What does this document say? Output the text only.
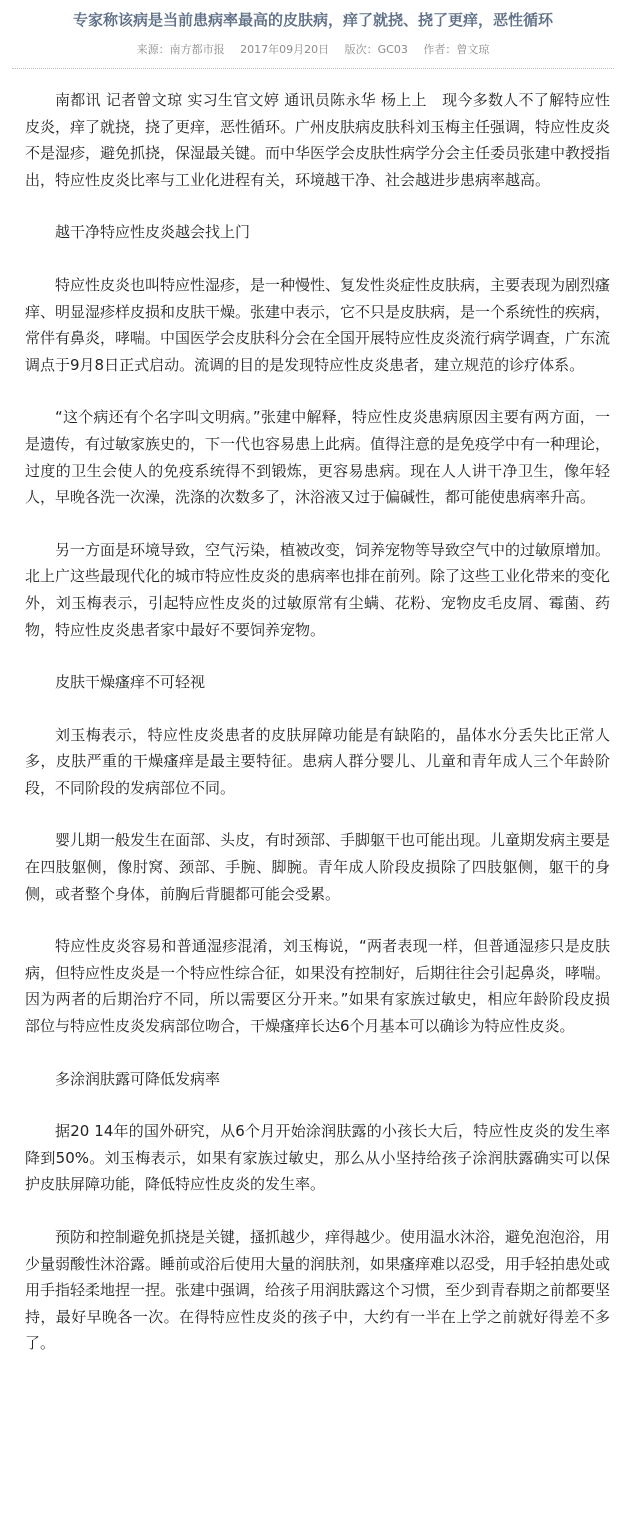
专家称该病是当前患病率最高的皮肤病，痒了就挠、挠了更痒，恶性循环
来源：南方都市报 2017年09月20日 版次：GC03 作者：曾文琼

南都讯 记者曾文琼 实习生官文婷 通讯员陈永华 杨上上　现今多数人不了解特应性皮炎，痒了就挠，挠了更痒，恶性循环。广州皮肤病皮肤科刘玉梅主任强调，特应性皮炎不是湿疹，避免抓挠，保湿最关键。而中华医学会皮肤性病学分会主任委员张建中教授指出，特应性皮炎比率与工业化进程有关，环境越干净、社会越进步患病率越高。

越干净特应性皮炎越会找上门

特应性皮炎也叫特应性湿疹，是一种慢性、复发性炎症性皮肤病，主要表现为剧烈瘙痒、明显湿疹样皮损和皮肤干燥。张建中表示，它不只是皮肤病，是一个系统性的疾病，常伴有鼻炎，哮喘。中国医学会皮肤科分会在全国开展特应性皮炎流行病学调查，广东流调点于9月8日正式启动。流调的目的是发现特应性皮炎患者，建立规范的诊疗体系。

“这个病还有个名字叫文明病。”张建中解释，特应性皮炎患病原因主要有两方面，一是遗传，有过敏家族史的，下一代也容易患上此病。值得注意的是免疫学中有一种理论，过度的卫生会使人的免疫系统得不到锻炼，更容易患病。现在人人讲干净卫生，像年轻人，早晚各洗一次澡，洗涤的次数多了，沐浴液又过于偏碱性，都可能使患病率升高。

另一方面是环境导致，空气污染，植被改变，饲养宠物等导致空气中的过敏原增加。北上广这些最现代化的城市特应性皮炎的患病率也排在前列。除了这些工业化带来的变化外，刘玉梅表示，引起特应性皮炎的过敏原常有尘螨、花粉、宠物皮毛皮屑、霉菌、药物，特应性皮炎患者家中最好不要饲养宠物。

皮肤干燥瘙痒不可轻视

刘玉梅表示，特应性皮炎患者的皮肤屏障功能是有缺陷的，晶体水分丢失比正常人多，皮肤严重的干燥瘙痒是最主要特征。患病人群分婴儿、儿童和青年成人三个年龄阶段，不同阶段的发病部位不同。

婴儿期一般发生在面部、头皮，有时颈部、手脚躯干也可能出现。儿童期发病主要是在四肢躯侧，像肘窝、颈部、手腕、脚腕。青年成人阶段皮损除了四肢躯侧，躯干的身侧，或者整个身体，前胸后背腿都可能会受累。

特应性皮炎容易和普通湿疹混淆，刘玉梅说，“两者表现一样，但普通湿疹只是皮肤病，但特应性皮炎是一个特应性综合征，如果没有控制好，后期往往会引起鼻炎，哮喘。因为两者的后期治疗不同，所以需要区分开来。”如果有家族过敏史，相应年龄阶段皮损部位与特应性皮炎发病部位吻合，干燥瘙痒长达6个月基本可以确诊为特应性皮炎。

多涂润肤露可降低发病率

据20 14年的国外研究，从6个月开始涂润肤露的小孩长大后，特应性皮炎的发生率降到50%。刘玉梅表示，如果有家族过敏史，那么从小坚持给孩子涂润肤露确实可以保护皮肤屏障功能，降低特应性皮炎的发生率。

预防和控制避免抓挠是关键，搔抓越少，痒得越少。使用温水沐浴，避免泡泡浴，用少量弱酸性沐浴露。睡前或浴后使用大量的润肤剂，如果瘙痒难以忍受，用手轻拍患处或用手指轻柔地捏一捏。张建中强调，给孩子用润肤露这个习惯，至少到青春期之前都要坚持，最好早晚各一次。在得特应性皮炎的孩子中，大约有一半在上学之前就好得差不多了。
